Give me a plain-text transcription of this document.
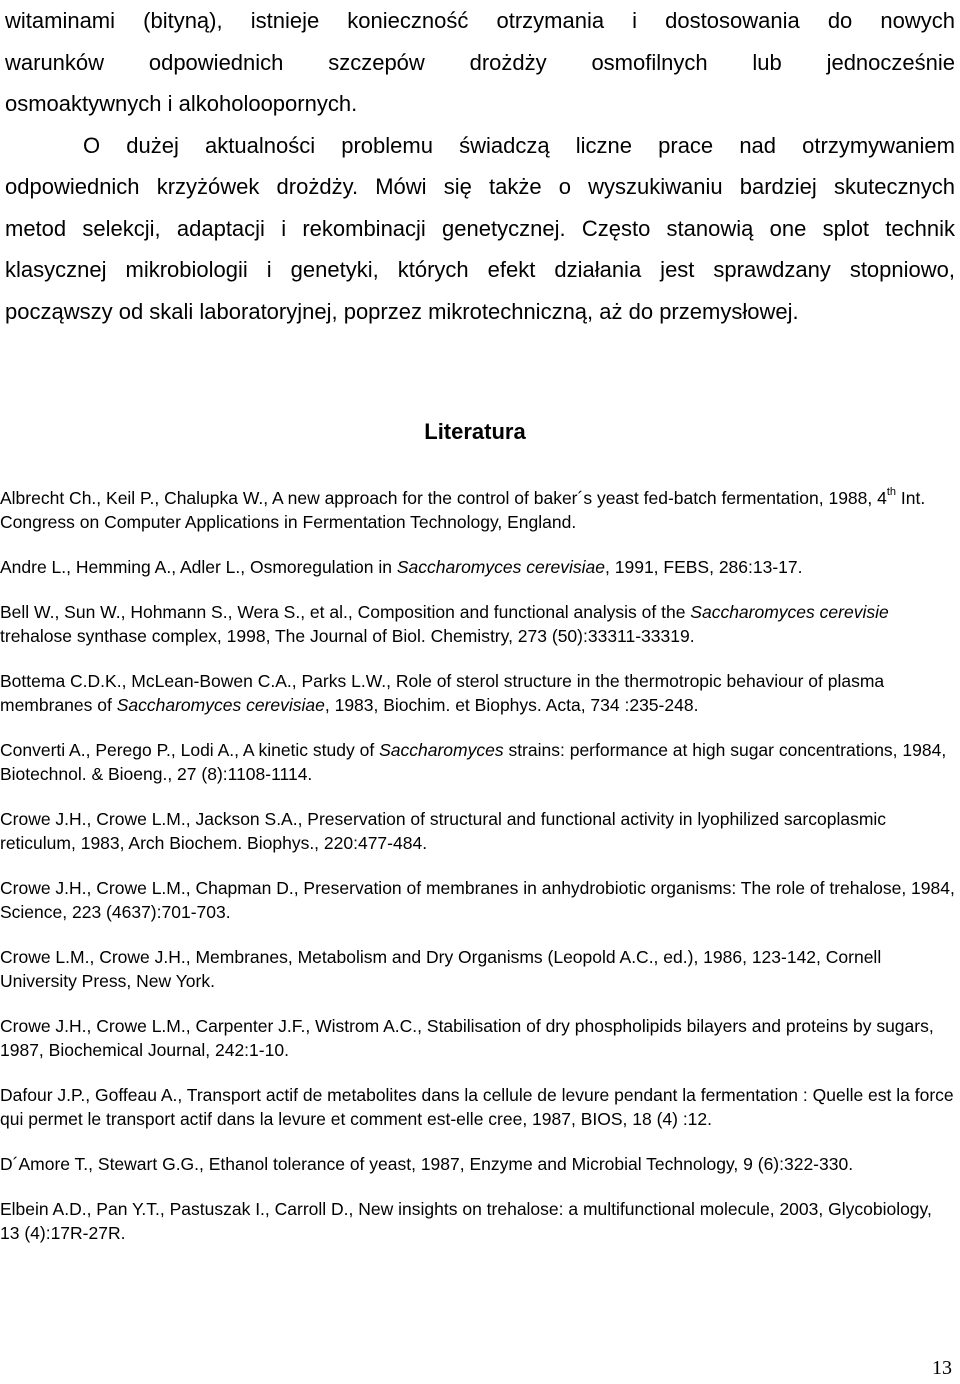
witaminami (bityną), istnieje konieczność otrzymania i dostosowania do nowych
warunków odpowiednich szczepów drożdży osmofilnych lub jednocześnie
osmoaktywnych i alkoholoopornych.
O dużej aktualności problemu świadczą liczne prace nad otrzymywaniem
odpowiednich krzyżówek drożdży. Mówi się także o wyszukiwaniu bardziej skutecznych
metod selekcji, adaptacji i rekombinacji genetycznej. Często stanowią one splot technik
klasycznej mikrobiologii i genetyki, których efekt działania jest sprawdzany stopniowo,
począwszy od skali laboratoryjnej, poprzez mikrotechniczną, aż do przemysłowej.
Literatura

Albrecht Ch., Keil P., Chalupka W., A new approach for the control of baker´s yeast fed-batch fermentation, 1988, 4th Int. Congress on Computer Applications in Fermentation Technology, England.

Andre L., Hemming A., Adler L., Osmoregulation in Saccharomyces cerevisiae, 1991, FEBS, 286:13-17.

Bell W., Sun W., Hohmann S., Wera S., et al., Composition and functional analysis of the Saccharomyces cerevisie trehalose synthase complex, 1998, The Journal of Biol. Chemistry, 273 (50):33311-33319.

Bottema C.D.K., McLean-Bowen C.A., Parks L.W., Role of sterol structure in the thermotropic behaviour of plasma membranes of Saccharomyces cerevisiae, 1983, Biochim. et Biophys. Acta, 734 :235-248.

Converti A., Perego P., Lodi A., A kinetic study of Saccharomyces strains: performance at high sugar concentrations, 1984, Biotechnol. & Bioeng., 27 (8):1108-1114.

Crowe J.H., Crowe L.M., Jackson S.A., Preservation of structural and functional activity in lyophilized sarcoplasmic reticulum, 1983, Arch Biochem. Biophys., 220:477-484.

Crowe J.H., Crowe L.M., Chapman D., Preservation of membranes in anhydrobiotic organisms: The role of trehalose, 1984, Science, 223 (4637):701-703.

Crowe L.M., Crowe J.H., Membranes, Metabolism and Dry Organisms (Leopold A.C., ed.), 1986, 123-142, Cornell University Press, New York.

Crowe J.H., Crowe L.M., Carpenter J.F., Wistrom A.C., Stabilisation of dry phospholipids bilayers and proteins by sugars, 1987, Biochemical Journal, 242:1-10.

Dafour J.P., Goffeau A., Transport actif de metabolites dans la cellule de levure pendant la fermentation : Quelle est la force qui permet le transport actif dans la levure et comment est-elle cree, 1987, BIOS, 18 (4) :12.

D´Amore T., Stewart G.G., Ethanol tolerance of yeast, 1987, Enzyme and Microbial Technology, 9 (6):322-330.

Elbein A.D., Pan Y.T., Pastuszak I., Carroll D., New insights on trehalose: a multifunctional molecule, 2003, Glycobiology, 13 (4):17R-27R.

13
